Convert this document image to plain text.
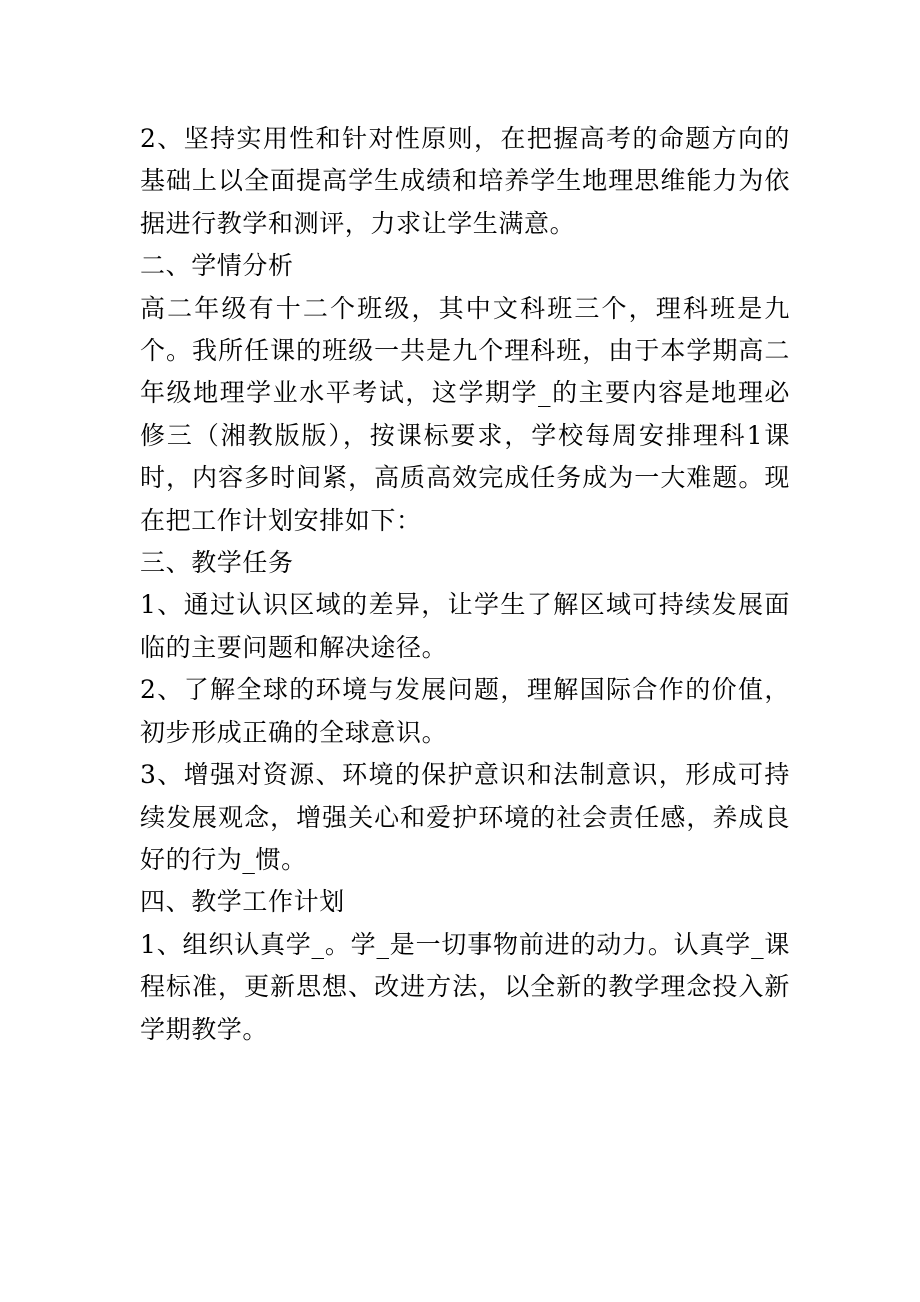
2、坚持实用性和针对性原则，在把握高考的命题方向的基础上以全面提高学生成绩和培养学生地理思维能力为依据进行教学和测评，力求让学生满意。

二、学情分析

高二年级有十二个班级，其中文科班三个，理科班是九个。我所任课的班级一共是九个理科班，由于本学期高二年级地理学业水平考试，这学期学_的主要内容是地理必修三（湘教版版），按课标要求，学校每周安排理科1课时，内容多时间紧，高质高效完成任务成为一大难题。现在把工作计划安排如下：

三、教学任务

1、通过认识区域的差异，让学生了解区域可持续发展面临的主要问题和解决途径。

2、了解全球的环境与发展问题，理解国际合作的价值，初步形成正确的全球意识。

3、增强对资源、环境的保护意识和法制意识，形成可持续发展观念，增强关心和爱护环境的社会责任感，养成良好的行为_惯。

四、教学工作计划

1、组织认真学_。学_是一切事物前进的动力。认真学_课程标准，更新思想、改进方法，以全新的教学理念投入新学期教学。
